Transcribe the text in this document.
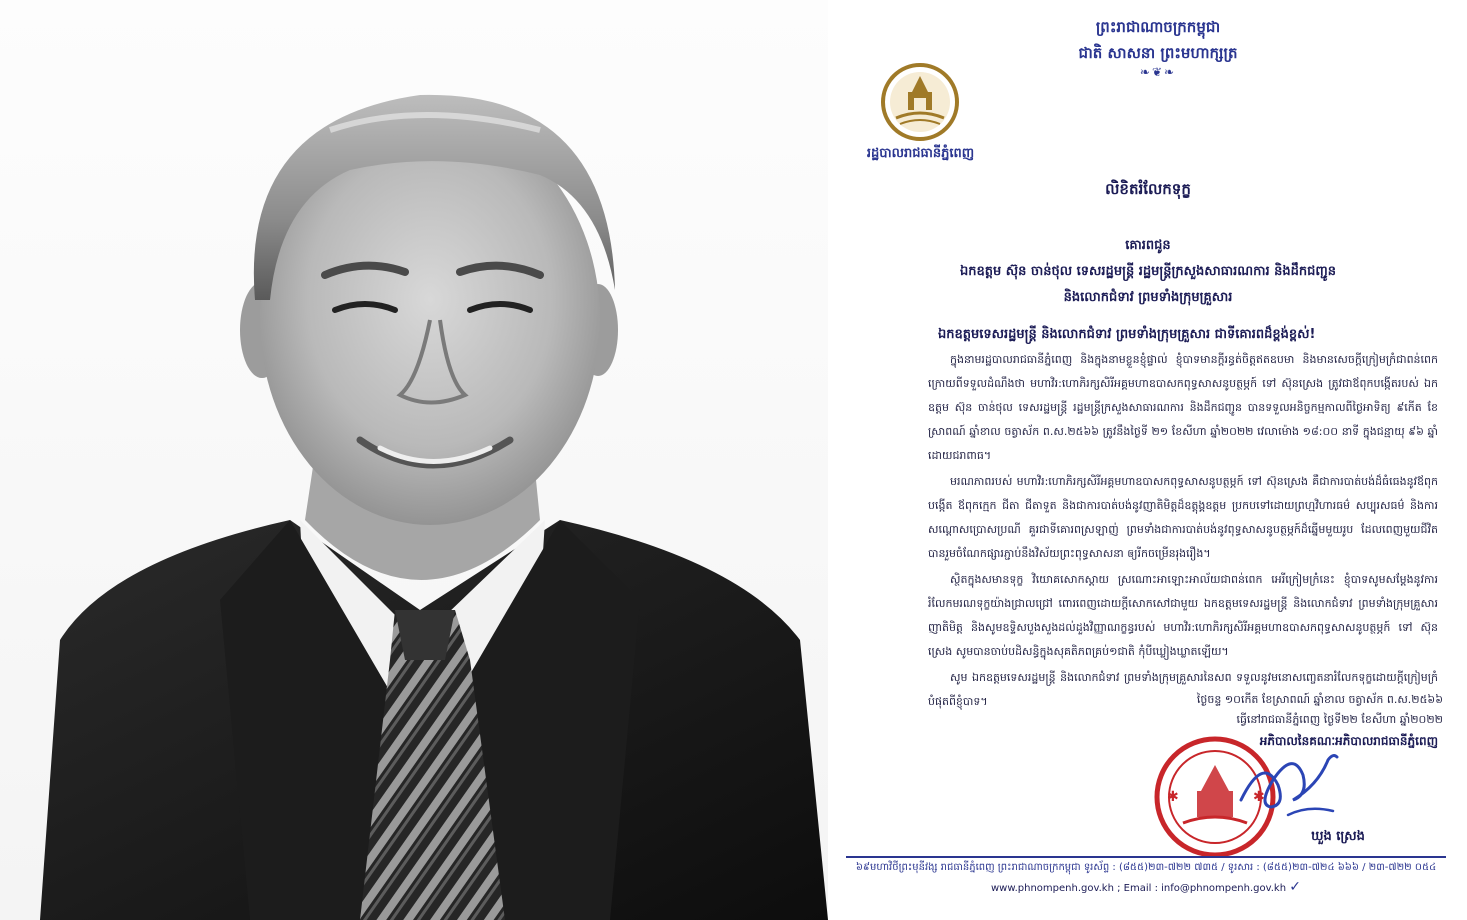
ព្រះរាជាណាចក្រកម្ពុជា
ជាតិ សាសនា ព្រះមហាក្សត្រ
❧❦❧
រដ្ឋបាលរាជធានីភ្នំពេញ
លិខិតរំលែកទុក្ខ
គោរពជូន
ឯកឧត្តម ស៊ុន ចាន់ថុល ទេសរដ្ឋមន្ត្រី រដ្ឋមន្ត្រីក្រសួងសាធារណការ និងដឹកជញ្ជូន
និងលោកជំទាវ ព្រមទាំងក្រុមគ្រួសារ
ឯកឧត្តមទេសរដ្ឋមន្ត្រី និងលោកជំទាវ ព្រមទាំងក្រុមគ្រួសារ ជាទីគោរពដ៏ខ្ពង់ខ្ពស់!

ក្នុងនាមរដ្ឋបាលរាជធានីភ្នំពេញ និងក្នុងនាមខ្លួនខ្ញុំផ្ទាល់ ខ្ញុំបាទមានក្តីរន្ធត់ចិត្តឥតឧបមា និងមានសេចក្តីក្រៀមក្រំជាពន់ពេកក្រោយពីទទួលដំណឹងថា មហាវិរ:ហោភិរក្សសិរីអគ្គមហាឧបាសកពុទ្ធសាសនូបត្ថម្ភក៍ ទៅ ស៊ុនស្រេង ត្រូវជាឪពុកបង្កើតរបស់ ឯកឧត្តម ស៊ុន ចាន់ថុល ទេសរដ្ឋមន្ត្រី រដ្ឋមន្ត្រីក្រសួងសាធារណការ និងដឹកជញ្ជូន បានទទួលអនិច្ចកម្មកាលពីថ្ងៃអាទិត្យ ៩កើត ខែស្រាពណ៍ ឆ្នាំខាល ចត្វាស័ក ព.ស.២៥៦៦ ត្រូវនឹងថ្ងៃទី ២១ ខែសីហា ឆ្នាំ២០២២ វេលាម៉ោង ១៨:០០ នាទី ក្នុងជន្មាយុ ៩៦ ឆ្នាំ ដោយជរាពាធ។

មរណភាពរបស់ មហាវិរ:ហោភិរក្សសិរីអគ្គមហាឧបាសកពុទ្ធសាសនូបត្ថម្ភក៍ ទៅ ស៊ុនស្រេង គឺជាការបាត់បង់ដ៏ធំធេងនូវឪពុកបង្កើត ឪពុកក្មេក ជីតា ជីតាទួត និងជាការបាត់បង់នូវញាតិមិត្តដ៏ឧត្តុង្គឧត្តម ប្រកបទៅដោយព្រហ្មវិហារធម៌ សប្បុរសធម៌ និងការសណ្តោសប្រោសប្រណី គួរជាទីគោរពស្រឡាញ់ ព្រមទាំងជាការបាត់បង់នូវពុទ្ធសាសនូបត្ថម្ភក៍ដ៏ឆ្នើមមួយរូប ដែលពេញមួយជីវិត បានរួមចំណែកផ្សារភ្ជាប់នឹងវិស័យព្រះពុទ្ធសាសនា ឲ្យរីកចម្រើនរុងរឿង។

ស្ថិតក្នុងសមានទុក្ខ វិយោគសោកស្តាយ ស្រណោះអាឡោះអាល័យជាពន់ពេក អេរីក្រៀមក្រំនេះ ខ្ញុំបាទសូមសម្តែងនូវការរំលែកមរណទុក្ខយ៉ាងជ្រាលជ្រៅ ពោរពេញដោយក្តីសោកសៅជាមួយ ឯកឧត្តមទេសរដ្ឋមន្ត្រី និងលោកជំទាវ ព្រមទាំងក្រុមគ្រួសារញាតិមិត្ត និងសូមឧទ្ទិសបួងសួងដល់ដួងវិញ្ញាណក្ខន្ធរបស់ មហាវិរ:ហោភិរក្សសិរីអគ្គមហាឧបាសកពុទ្ធសាសនូបត្ថម្ភក៍ ទៅ ស៊ុនស្រេង សូមបានចាប់បដិសន្ធិក្នុងសុគតិភពគ្រប់១ជាតិ កុំបីឃ្លៀងឃ្លាតឡើយ។

សូម ឯកឧត្តមទេសរដ្ឋមន្ត្រី និងលោកជំទាវ ព្រមទាំងក្រុមគ្រួសារនៃសព ទទួលនូវមនោសញ្ចេតនារំលែកទុក្ខដោយក្តីក្រៀមក្រំបំផុតពីខ្ញុំបាទ។	ថ្ងៃចន្ទ ១០កើត ខែស្រាពណ៍ ឆ្នាំខាល ចត្វាស័ក ព.ស.២៥៦៦
ធ្វើនៅរាជធានីភ្នំពេញ ថ្ងៃទី២២ ខែសីហា ឆ្នាំ២០២២
អភិបាលនៃគណៈអភិបាលរាជធានីភ្នំពេញ
✱	✱
ឃួង ស្រេង
៦៩មហាវិថីព្រះមុនីវង្ស រាជធានីភ្នំពេញ ព្រះរាជាណាចក្រកម្ពុជា ទូរស័ព្ទ : (៨៥៥)២៣-៧២២ ៧៣៥ / ទូរសារ : (៨៥៥)២៣-៧២៤ ៦៦៦ / ២៣-៧២២ ០៥៤
www.phnompenh.gov.kh ; Email : info@phnompenh.gov.kh ✓
